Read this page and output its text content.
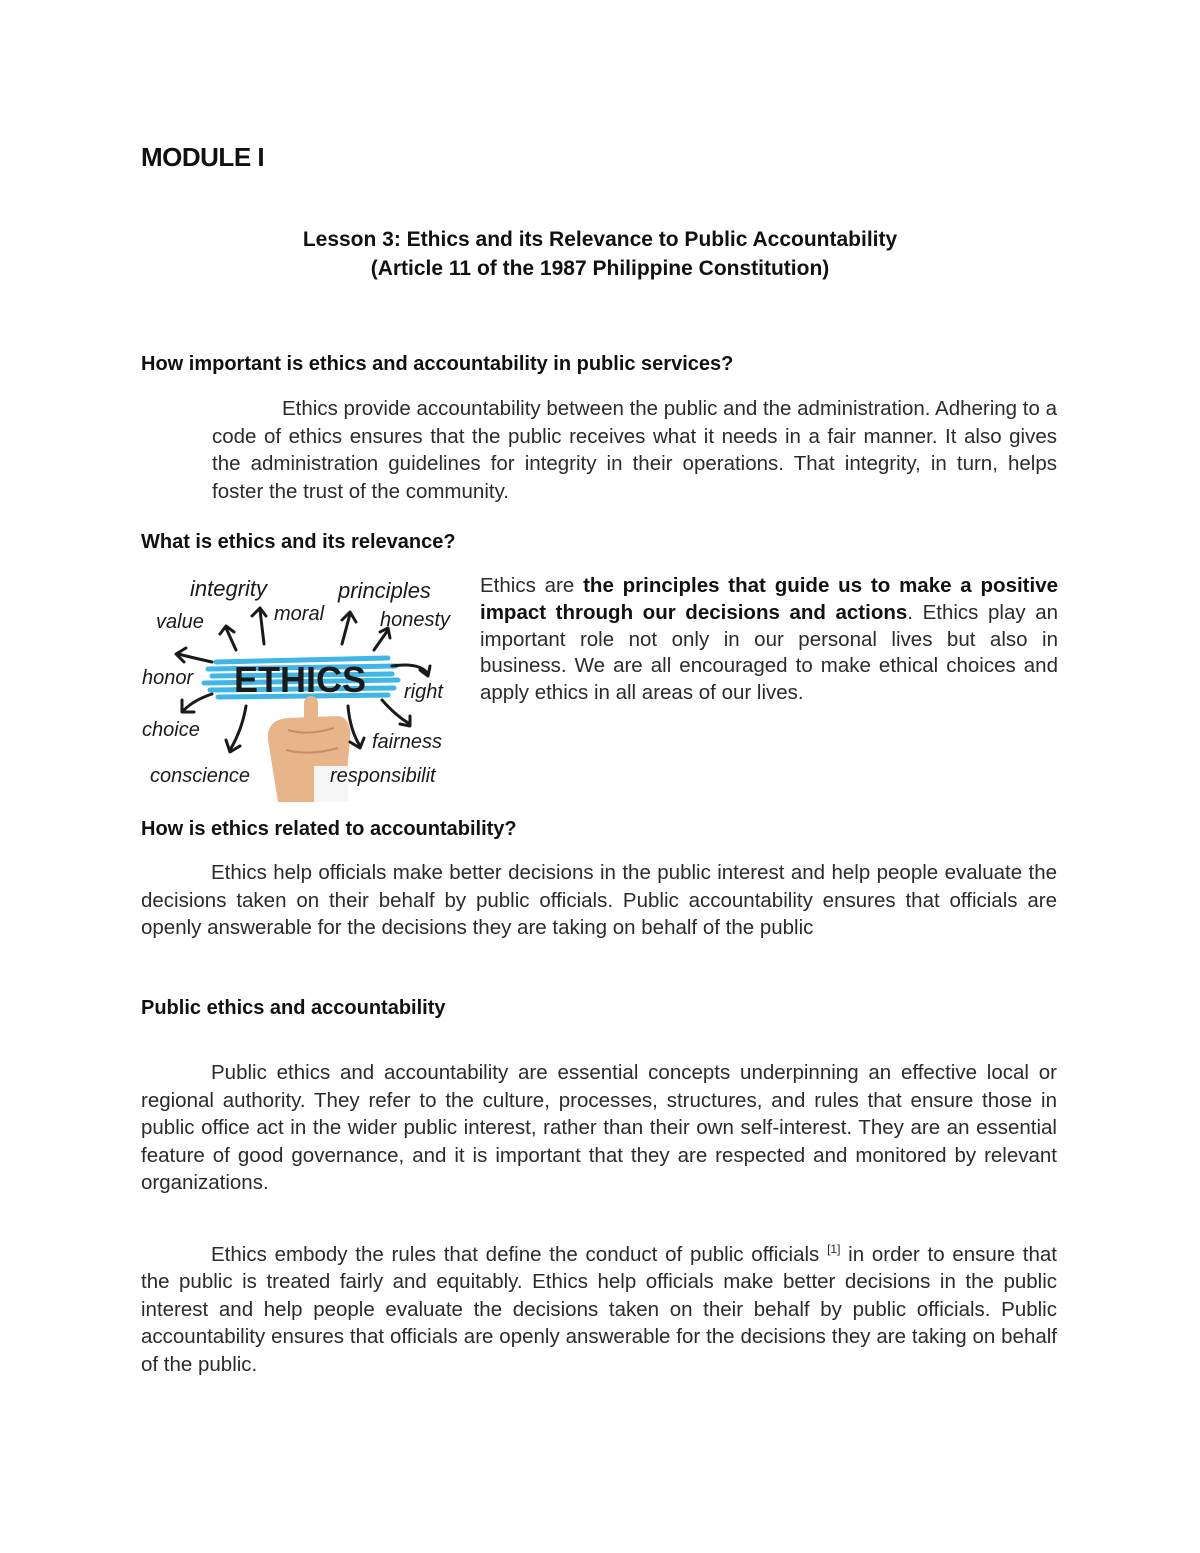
MODULE I

Lesson 3: Ethics and its Relevance to Public Accountability

(Article 11 of the 1987 Philippine Constitution)

How important is ethics and accountability in public services?

Ethics provide accountability between the public and the administration. Adhering to a code of ethics ensures that the public receives what it needs in a fair manner. It also gives the administration guidelines for integrity in their operations. That integrity, in turn, helps foster the trust of the community.

What is ethics and its relevance?

ETHICS
integrity	principles
value	moral	honesty
honor
right
choice
fairness
conscience	responsibilit

Ethics are the principles that guide us to make a positive impact through our decisions and actions. Ethics play an important role not only in our personal lives but also in business. We are all encouraged to make ethical choices and apply ethics in all areas of our lives.

How is ethics related to accountability?

Ethics help officials make better decisions in the public interest and help people evaluate the decisions taken on their behalf by public officials. Public accountability ensures that officials are openly answerable for the decisions they are taking on behalf of the public

Public ethics and accountability

Public ethics and accountability are essential concepts underpinning an effective local or regional authority. They refer to the culture, processes, structures, and rules that ensure those in public office act in the wider public interest, rather than their own self-interest. They are an essential feature of good governance, and it is important that they are respected and monitored by relevant organizations.

Ethics embody the rules that define the conduct of public officials [1] in order to ensure that the public is treated fairly and equitably. Ethics help officials make better decisions in the public interest and help people evaluate the decisions taken on their behalf by public officials. Public accountability ensures that officials are openly answerable for the decisions they are taking on behalf of the public.
